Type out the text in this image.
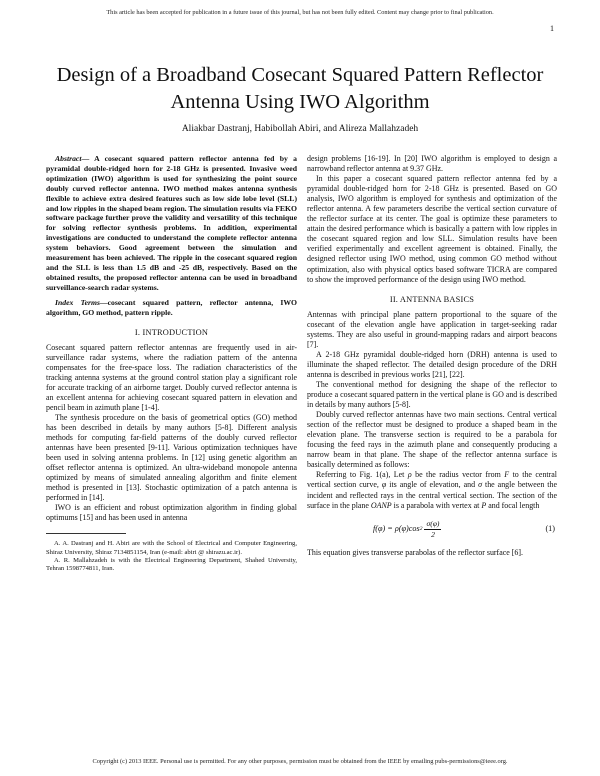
This article has been accepted for publication in a future issue of this journal, but has not been fully edited. Content may change prior to final publication.
1
Design of a Broadband Cosecant Squared Pattern Reflector Antenna Using IWO Algorithm
Aliakbar Dastranj, Habibollah Abiri, and Alireza Mallahzadeh

Abstract— A cosecant squared pattern reflector antenna fed by a pyramidal double-ridged horn for 2-18 GHz is presented. Invasive weed optimization (IWO) algorithm is used for synthesizing the point source doubly curved reflector antenna. IWO method makes antenna synthesis flexible to achieve extra desired features such as low side lobe level (SLL) and low ripples in the shaped beam region. The simulation results via FEKO software package further prove the validity and versatility of this technique for solving reflector synthesis problems. In addition, experimental investigations are conducted to understand the complete reflector antenna system behaviors. Good agreement between the simulation and measurement has been achieved. The ripple in the cosecant squared region and the SLL is less than 1.5 dB and -25 dB, respectively. Based on the obtained results, the proposed reflector antenna can be used in broadband surveillance-search radar systems.

Index Terms—cosecant squared pattern, reflector antenna, IWO algorithm, GO method, pattern ripple.

I. INTRODUCTION

Cosecant squared pattern reflector antennas are frequently used in air-surveillance radar systems, where the radiation pattern of the antenna compensates for the free-space loss. The radiation characteristics of the tracking antenna systems at the ground control station play a significant role for accurate tracking of an airborne target. Doubly curved reflector antenna is an excellent antenna for achieving cosecant squared pattern in elevation and pencil beam in azimuth plane [1-4].

The synthesis procedure on the basis of geometrical optics (GO) method has been described in details by many authors [5-8]. Different analysis methods for computing far-field patterns of the doubly curved reflector antennas have been presented [9-11]. Various optimization techniques have been used in solving antenna problems. In [12] using genetic algorithm an offset reflector antenna is optimized. An ultra-wideband monopole antenna optimized by means of simulated annealing algorithm and finite element method is presented in [13]. Stochastic optimization of a patch antenna is performed in [14].

IWO is an efficient and robust optimization algorithm in finding global optimums [15] and has been used in antenna

A. A. Dastranj and H. Abiri are with the School of Electrical and Computer Engineering, Shiraz University, Shiraz 7134851154, Iran (e-mail: abiri @ shirazu.ac.ir).

A. R. Mallahzadeh is with the Electrical Engineering Department, Shahed University, Tehran 1598774811, Iran.

design problems [16-19]. In [20] IWO algorithm is employed to design a narrowband reflector antenna at 9.37 GHz.

In this paper a cosecant squared pattern reflector antenna fed by a pyramidal double-ridged horn for 2-18 GHz is presented. Based on GO analysis, IWO algorithm is employed for synthesis and optimization of the reflector antenna. A few parameters describe the vertical section curvature of the reflector surface at its center. The goal is optimize these parameters to attain the desired performance which is basically a pattern with low ripples in the cosecant squared region and low SLL. Simulation results have been verified experimentally and excellent agreement is obtained. Finally, the designed reflector using IWO method, using common GO method without optimization, also with physical optics based software TICRA are compared to show the improved performance of the design using IWO method.

II. ANTENNA BASICS

Antennas with principal plane pattern proportional to the square of the cosecant of the elevation angle have application in target-seeking radar systems. They are also useful in ground-mapping radars and airport beacons [7].

A 2-18 GHz pyramidal double-ridged horn (DRH) antenna is used to illuminate the shaped reflector. The detailed design procedure of the DRH antenna is described in previous works [21], [22].

The conventional method for designing the shape of the reflector to produce a cosecant squared pattern in the vertical plane is GO and is described in details by many authors [5-8].

Doubly curved reflector antennas have two main sections. Central vertical section of the reflector must be designed to produce a shaped beam in the elevation plane. The transverse section is required to be a parabola for focusing the feed rays in the azimuth plane and consequently producing a narrow beam in that plane. The shape of the reflector antenna surface is basically determined as follows:

Referring to Fig. 1(a), Let ρ be the radius vector from F to the central vertical section curve, φ its angle of elevation, and σ the angle between the incident and reflected rays in the central vertical section. The section of the surface in the plane OANP is a parabola with vertex at P and focal length

f(φ) = ρ(φ)cos $2 \frac{\sigma(\varphi)}{2}$	(1)

This equation gives transverse parabolas of the reflector surface [6].

Copyright (c) 2013 IEEE. Personal use is permitted. For any other purposes, permission must be obtained from the IEEE by emailing pubs-permissions@ieee.org.
